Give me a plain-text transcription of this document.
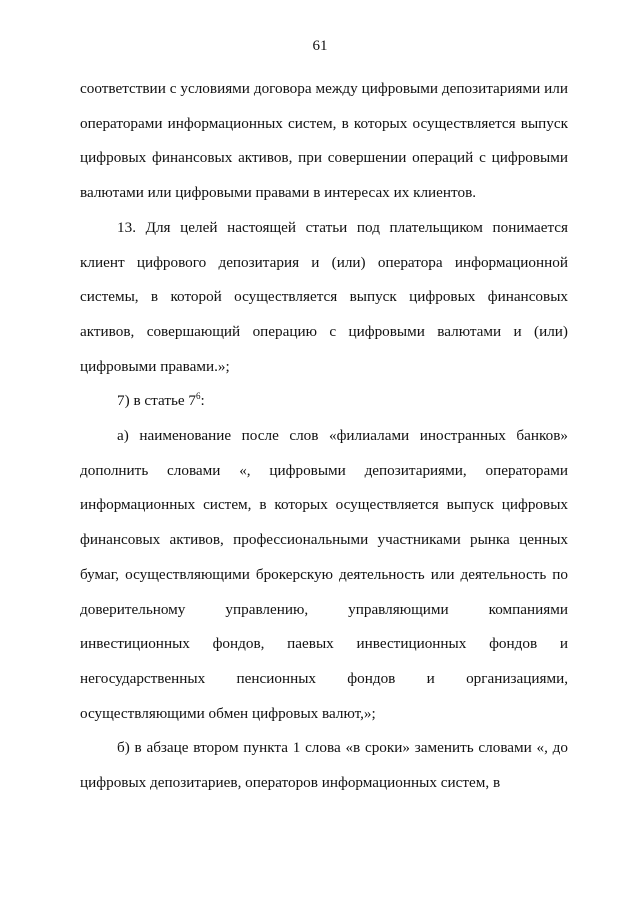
61

соответствии с условиями договора между цифровыми депозитариями или операторами информационных систем, в которых осуществляется выпуск цифровых финансовых активов, при совершении операций с цифровыми валютами или цифровыми правами в интересах их клиентов.

13. Для целей настоящей статьи под плательщиком понимается клиент цифрового депозитария и (или) оператора информационной системы, в которой осуществляется выпуск цифровых финансовых активов, совершающий операцию с цифровыми валютами и (или) цифровыми правами.»;

7) в статье $7^6$:

а) наименование после слов «филиалами иностранных банков» дополнить словами «, цифровыми депозитариями, операторами информационных систем, в которых осуществляется выпуск цифровых финансовых активов, профессиональными участниками рынка ценных бумаг, осуществляющими брокерскую деятельность или деятельность по доверительному управлению, управляющими компаниями инвестиционных фондов, паевых инвестиционных фондов и негосударственных пенсионных фондов и организациями, осуществляющими обмен цифровых валют,»;

б) в абзаце втором пункта 1 слова «в сроки» заменить словами «, до цифровых депозитариев, операторов информационных систем, в
